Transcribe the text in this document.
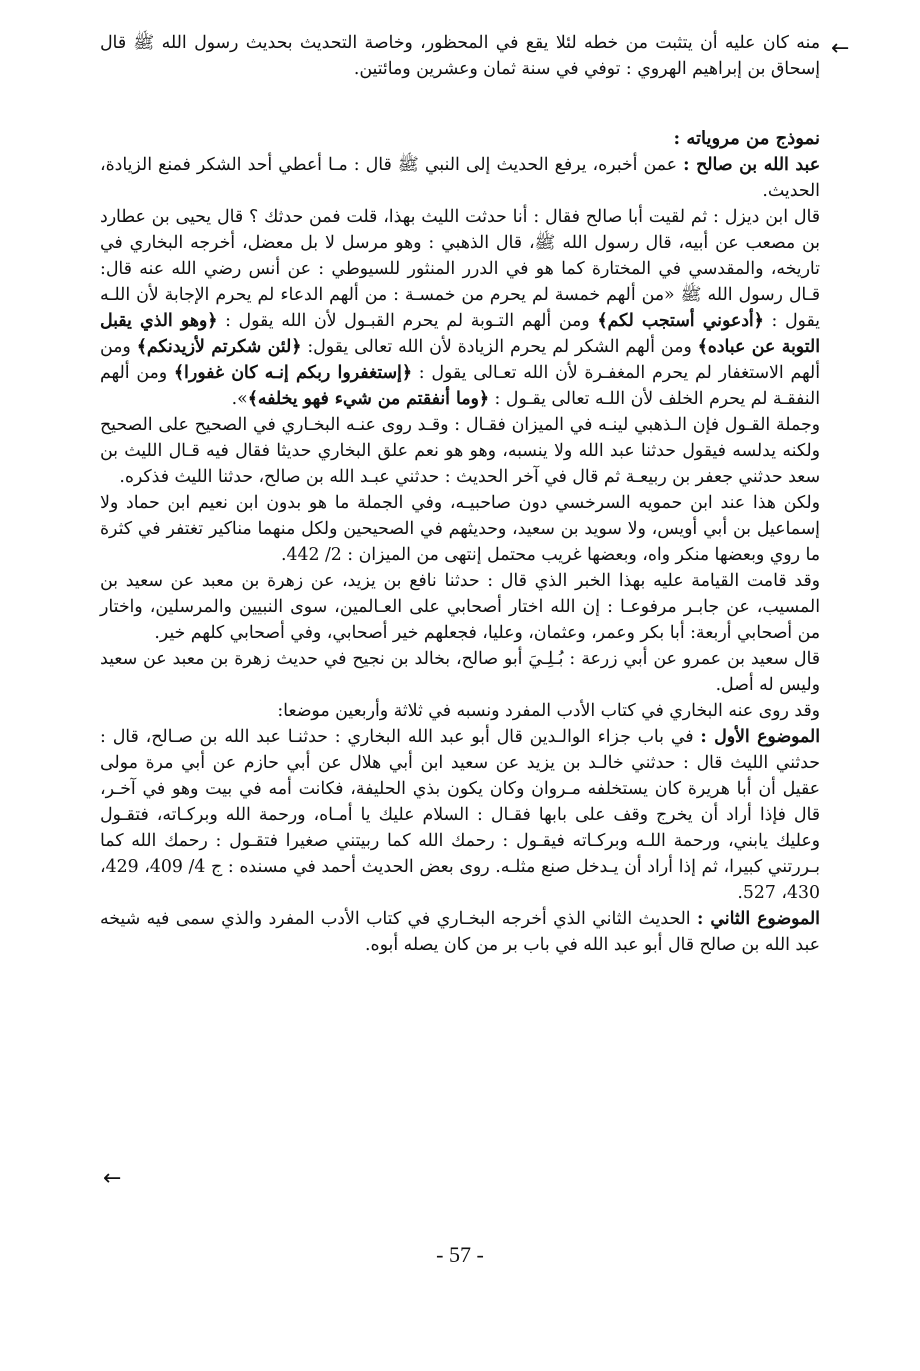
←

منه كان عليه أن يتثبت من خطه لئلا يقع في المحظور، وخاصة التحديث بحديث رسول الله ﷺ قال إسحاق بن إبراهيم الهروي : توفي في سنة ثمان وعشرين ومائتين.

نموذج من مروياته :

عبد الله بن صالح : عمن أخبره، يرفع الحديث إلى النبي ﷺ قال : مـا أعطي أحد الشكر فمنع الزيادة، الحديث.

قال ابن ديزل : ثم لقيت أبا صالح فقال : أنا حدثت الليث بهذا، قلت فمن حدثك ؟ قال يحيى بن عطارد بن مصعب عن أبيه، قال رسول الله ﷺ، قال الذهبي : وهو مرسل لا بل معضل، أخرجه البخاري في تاريخه، والمقدسي في المختارة كما هو في الدرر المنثور للسيوطي : عن أنس رضي الله عنه قال: قـال رسول الله ﷺ «من ألهم خمسة لم يحرم من خمسـة : من ألهم الدعاء لم يحرم الإجابة لأن اللـه يقول : ﴿أدعوني أستجب لكم﴾ ومن ألهم التـوبة لم يحرم القبـول لأن الله يقول : ﴿وهو الذي يقبل التوبة عن عباده﴾ ومن ألهم الشكر لم يحرم الزيادة لأن الله تعالى يقول: ﴿لئن شكرتم لأزيدنكم﴾ ومن ألهم الاستغفار لم يحرم المغفـرة لأن الله تعـالى يقول : ﴿إستغفروا ربكم إنـه كان غفورا﴾ ومن ألهم النفقـة لم يحرم الخلف لأن اللـه تعالى يقـول : ﴿وما أنفقتم من شيء فهو يخلفه﴾».

وجملة القـول فإن الـذهبي لينـه في الميزان فقـال : وقـد روى عنـه البخـاري في الصحيح على الصحيح ولكنه يدلسه فيقول حدثنا عبد الله ولا ينسبه، وهو هو نعم علق البخاري حديثا فقال فيه قـال الليث بن سعد حدثني جعفر بن ربيعـة ثم قال في آخر الحديث : حدثني عبـد الله بن صالح، حدثنا الليث فذكره.

ولكن هذا عند ابن حمويه السرخسي دون صاحبيـه، وفي الجملة ما هو بدون ابن نعيم ابن حماد ولا إسماعيل بن أبي أويس، ولا سويد بن سعيد، وحديثهم في الصحيحين ولكل منهما مناكير تغتفر في كثرة ما روي وبعضها منكر واه، وبعضها غريب محتمل إنتهى من الميزان : 2/ 442.

وقد قامت القيامة عليه بهذا الخبر الذي قال : حدثنا نافع بن يزيد، عن زهرة بن معبد عن سعيد بن المسيب، عن جابـر مرفوعـا : إن الله اختار أصحابي على العـالمين، سوى النبيين والمرسلين، واختار من أصحابي أربعة: أبا بكر وعمر، وعثمان، وعليا، فجعلهم خير أصحابي، وفي أصحابي كلهم خير.

قال سعيد بن عمرو عن أبي زرعة : بُـلِـيَ أبو صالح، بخالد بن نجيح في حديث زهرة بن معبد عن سعيد وليس له أصل.

وقد روى عنه البخاري في كتاب الأدب المفرد ونسبه في ثلاثة وأربعين موضعا:

الموضوع الأول : في باب جزاء الوالـدين قال أبو عبد الله البخاري : حدثنـا عبد الله بن صـالح، قال : حدثني الليث قال : حدثني خالـد بن يزيد عن سعيد ابن أبي هلال عن أبي حازم عن أبي مرة مولى عقيل أن أبا هريرة كان يستخلفه مـروان وكان يكون بذي الحليفة، فكانت أمه في بيت وهو في آخـر، قال فإذا أراد أن يخرج وقف على بابها فقـال : السلام عليك يا أمـاه، ورحمة الله وبركـاته، فتقـول وعليك يابني، ورحمة اللـه وبركـاته فيقـول : رحمك الله كما ربيتني صغيرا فتقـول : رحمك الله كما بـررتني كبيرا، ثم إذا أراد أن يـدخل صنع مثلـه. روى بعض الحديث أحمد في مسنده : ج 4/ 409، 429، 430، 527.

الموضوع الثاني : الحديث الثاني الذي أخرجه البخـاري في كتاب الأدب المفرد والذي سمى فيه شيخه عبد الله بن صالح قال أبو عبد الله في باب بر من كان يصله أبوه.

←
- 57 -
